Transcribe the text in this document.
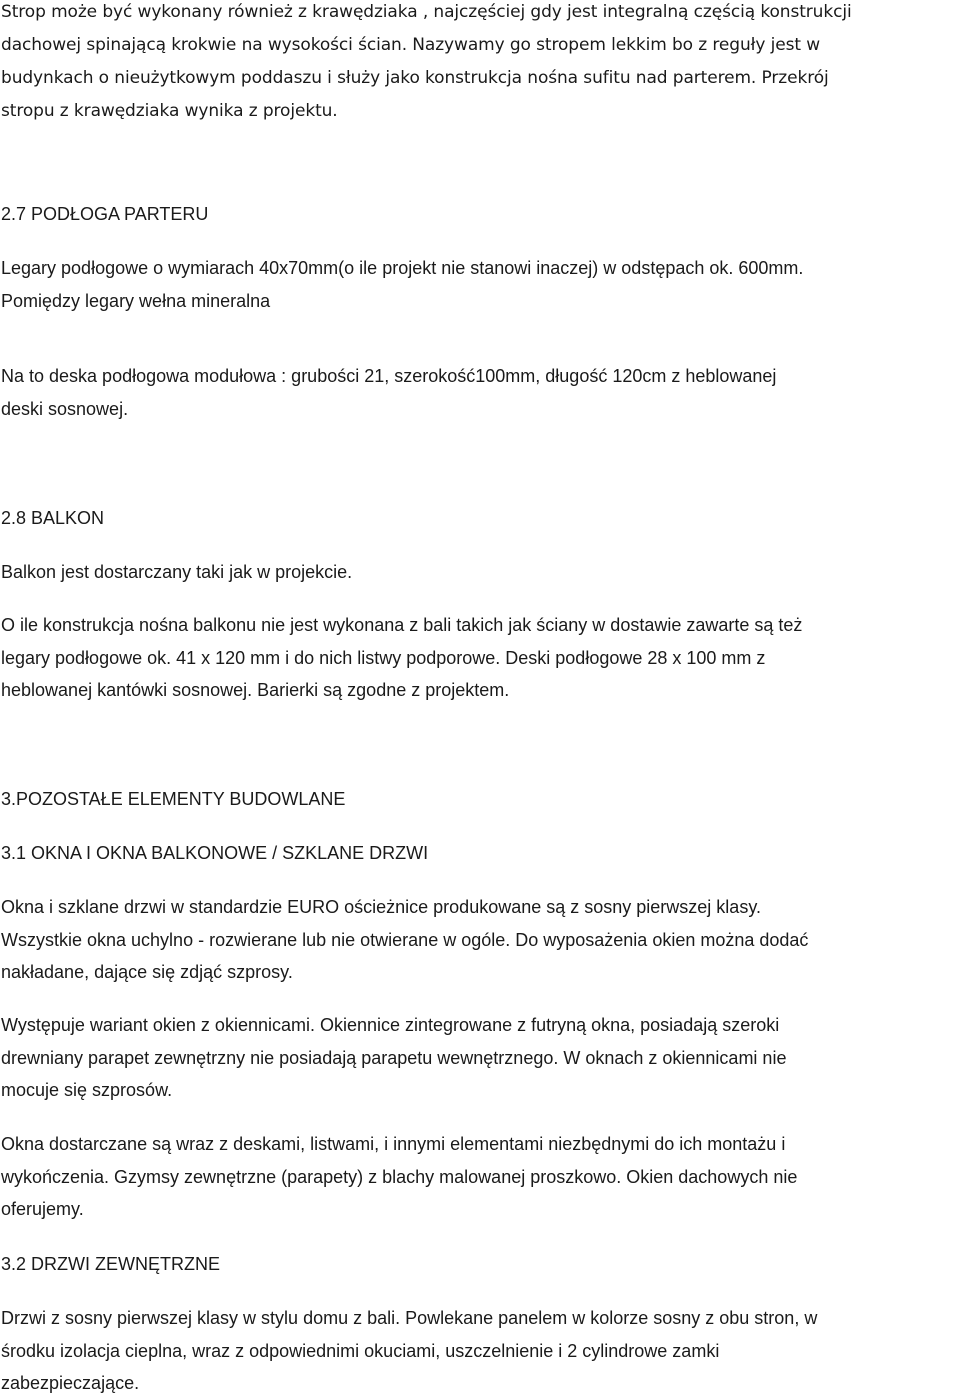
Strop może być wykonany również z krawędziaka , najczęściej gdy jest integralną częścią konstrukcji
dachowej spinającą krokwie na wysokości ścian. Nazywamy go stropem lekkim bo z reguły jest w
budynkach o nieużytkowym poddaszu i służy jako konstrukcja nośna sufitu nad parterem. Przekrój
stropu z krawędziaka wynika z projektu.

2.7 PODŁOGA PARTERU

Legary podłogowe o wymiarach 40x70mm(o ile projekt nie stanowi inaczej) w odstępach ok. 600mm.
Pomiędzy legary wełna mineralna

Na to deska podłogowa modułowa : grubości 21, szerokość100mm, długość 120cm z heblowanej
deski sosnowej.

2.8 BALKON

Balkon jest dostarczany taki jak w projekcie.

O ile konstrukcja nośna balkonu nie jest wykonana z bali takich jak ściany w dostawie zawarte są też
legary podłogowe ok. 41 x 120 mm i do nich listwy podporowe. Deski podłogowe 28 x 100 mm z
heblowanej kantówki sosnowej. Barierki są zgodne z projektem.

3.POZOSTAŁE ELEMENTY BUDOWLANE

3.1 OKNA I OKNA BALKONOWE / SZKLANE DRZWI

Okna i szklane drzwi w standardzie EURO ościeżnice produkowane są z sosny pierwszej klasy.
Wszystkie okna uchylno - rozwierane lub nie otwierane w ogóle. Do wyposażenia okien można dodać
nakładane, dające się zdjąć szprosy.

Występuje wariant okien z okiennicami. Okiennice zintegrowane z futryną okna, posiadają szeroki
drewniany parapet zewnętrzny nie posiadają parapetu wewnętrznego. W oknach z okiennicami nie
mocuje się szprosów.

Okna dostarczane są wraz z deskami, listwami, i innymi elementami niezbędnymi do ich montażu i
wykończenia. Gzymsy zewnętrzne (parapety) z blachy malowanej proszkowo. Okien dachowych nie
oferujemy.

3.2 DRZWI ZEWNĘTRZNE

Drzwi z sosny pierwszej klasy w stylu domu z bali. Powlekane panelem w kolorze sosny z obu stron, w
środku izolacja cieplna, wraz z odpowiednimi okuciami, uszczelnienie i 2 cylindrowe zamki
zabezpieczające.
